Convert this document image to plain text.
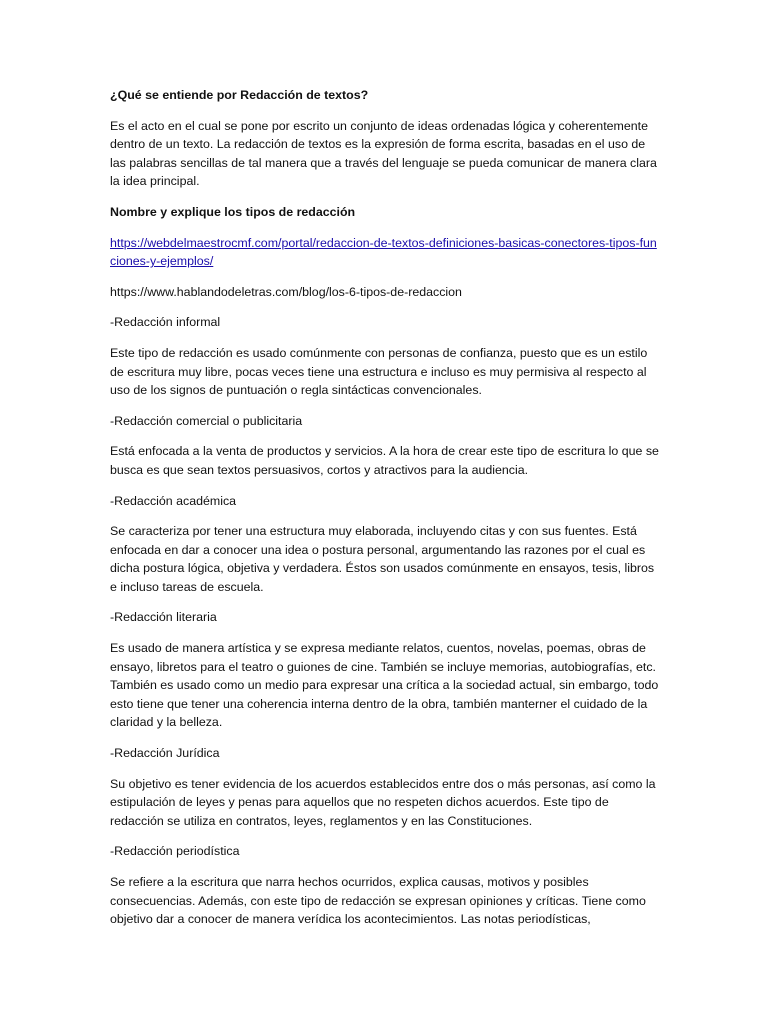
¿Qué se entiende por Redacción de textos?

Es el acto en el cual se pone por escrito un conjunto de ideas ordenadas lógica y coherentemente dentro de un texto. La redacción de textos es la expresión de forma escrita, basadas en el uso de las palabras sencillas de tal manera que a través del lenguaje se pueda comunicar de manera clara la idea principal.

Nombre y explique los tipos de redacción

https://webdelmaestrocmf.com/portal/redaccion-de-textos-definiciones-basicas-conectores-tipos-funciones-y-ejemplos/

https://www.hablandodeletras.com/blog/los-6-tipos-de-redaccion

-Redacción informal

Este tipo de redacción es usado comúnmente con personas de confianza, puesto que es un estilo de escritura muy libre, pocas veces tiene una estructura e incluso es muy permisiva al respecto al uso de los signos de puntuación o regla sintácticas convencionales.

-Redacción comercial o publicitaria

Está enfocada a la venta de productos y servicios. A la hora de crear este tipo de escritura lo que se busca es que sean textos persuasivos, cortos y atractivos para la audiencia.

-Redacción académica

Se caracteriza por tener una estructura muy elaborada, incluyendo citas y con sus fuentes. Está enfocada en dar a conocer una idea o postura personal, argumentando las razones por el cual es dicha postura lógica, objetiva y verdadera. Éstos son usados comúnmente en ensayos, tesis, libros e incluso tareas de escuela.

-Redacción literaria

Es usado de manera artística y se expresa mediante relatos, cuentos, novelas, poemas, obras de ensayo, libretos para el teatro o guiones de cine. También se incluye memorias, autobiografías, etc. También es usado como un medio para expresar una crítica a la sociedad actual, sin embargo, todo esto tiene que tener una coherencia interna dentro de la obra, también manterner el cuidado de la claridad y la belleza.

-Redacción Jurídica

Su objetivo es tener evidencia de los acuerdos establecidos entre dos o más personas, así como la estipulación de leyes y penas para aquellos que no respeten dichos acuerdos. Este tipo de redacción se utiliza en contratos, leyes, reglamentos y en las Constituciones.

-Redacción periodística

Se refiere a la escritura que narra hechos ocurridos, explica causas, motivos y posibles consecuencias. Además, con este tipo de redacción se expresan opiniones y críticas. Tiene como objetivo dar a conocer de manera verídica los acontecimientos. Las notas periodísticas,
